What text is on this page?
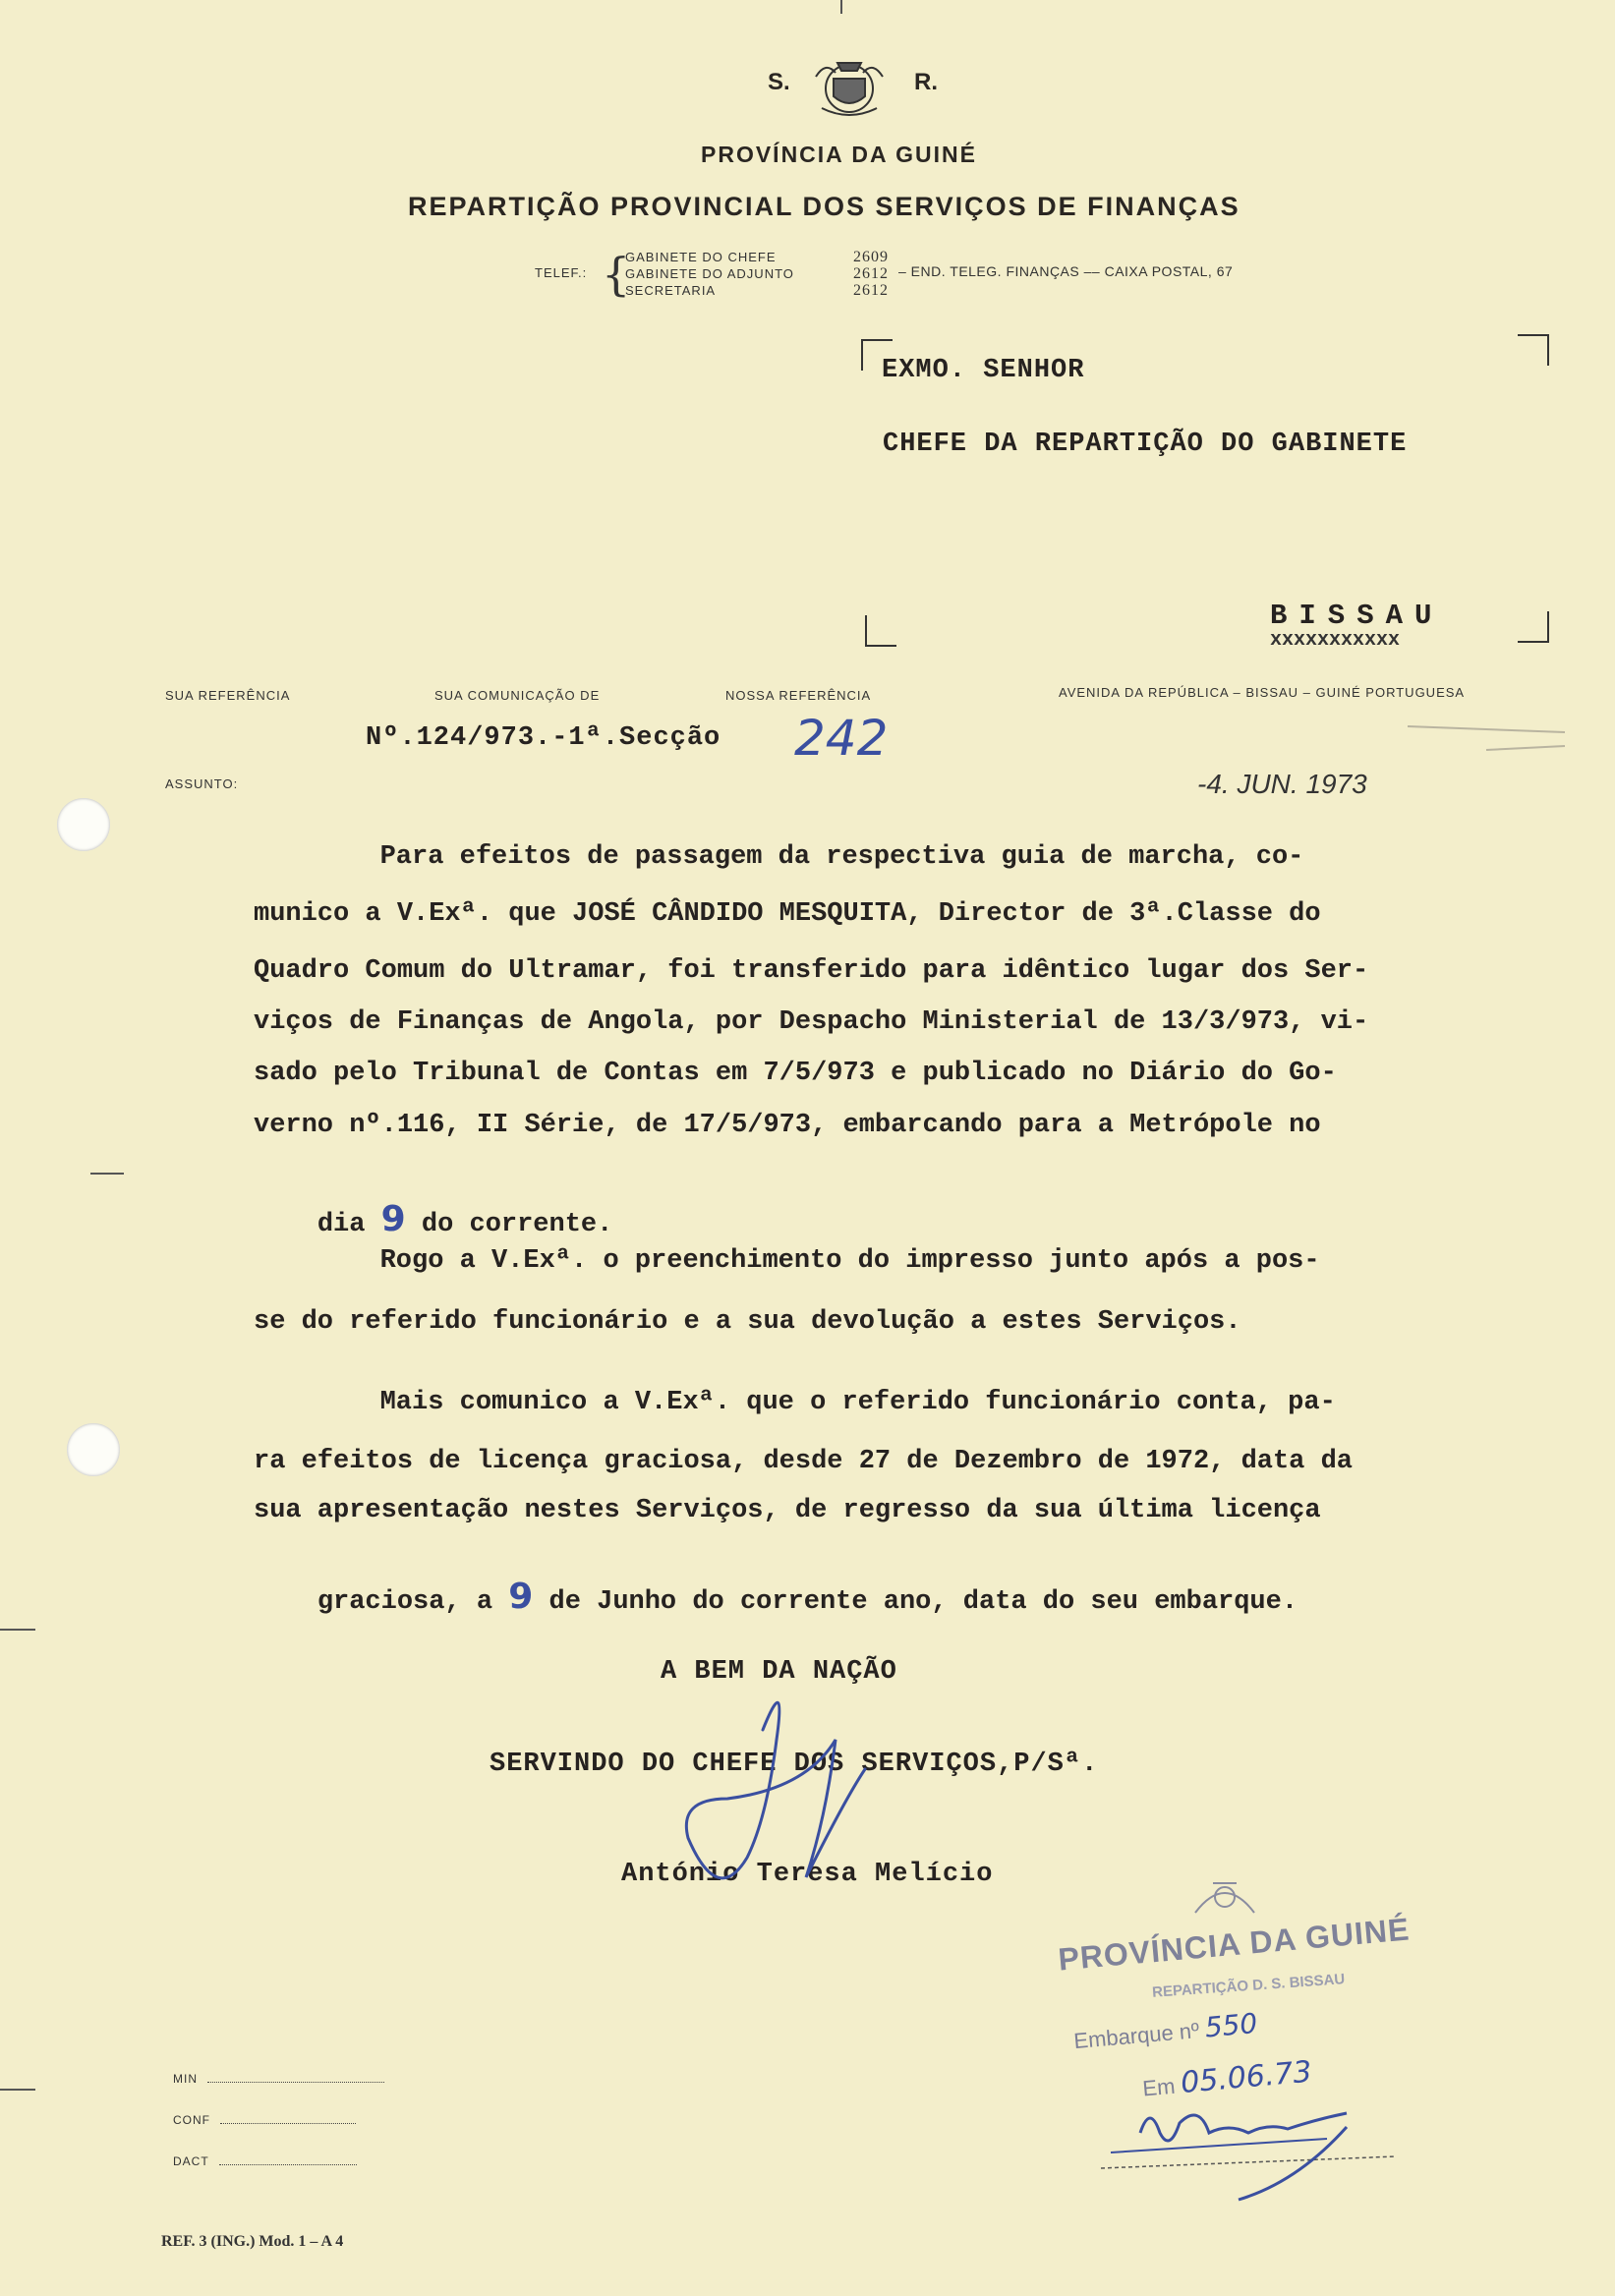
S.	R.
PROVÍNCIA DA GUINÉ
REPARTIÇÃO PROVINCIAL DOS SERVIÇOS DE FINANÇAS
TELEF.: {
GABINETE DO CHEFE	2609
GABINETE DO ADJUNTO	2612
SECRETARIA	2612
– END. TELEG. FINANÇAS –– CAIXA POSTAL, 67
EXMO. SENHOR
CHEFE DA REPARTIÇÃO DO GABINETE
BISSAU
xxxxxxxxxxx
SUA REFERÊNCIA	SUA COMUNICAÇÃO DE	NOSSA REFERÊNCIA	AVENIDA DA REPÚBLICA – BISSAU – GUINÉ PORTUGUESA
Nº.124/973.-1ª.Secção 242
ASSUNTO:	-4. JUN. 1973
Para efeitos de passagem da respectiva guia de marcha, co-
munico a V.Exª. que JOSÉ CÂNDIDO MESQUITA, Director de 3ª.Classe do
Quadro Comum do Ultramar, foi transferido para idêntico lugar dos Ser-
viços de Finanças de Angola, por Despacho Ministerial de 13/3/973, vi-
sado pelo Tribunal de Contas em 7/5/973 e publicado no Diário do Go-
verno nº.116, II Série, de 17/5/973, embarcando para a Metrópole no

dia 9 do corrente.

Rogo a V.Exª. o preenchimento do impresso junto após a pos-
se do referido funcionário e a sua devolução a estes Serviços.
Mais comunico a V.Exª. que o referido funcionário conta, pa-
ra efeitos de licença graciosa, desde 27 de Dezembro de 1972, data da
sua apresentação nestes Serviços, de regresso da sua última licença

graciosa, a 9 de Junho do corrente ano, data do seu embarque.

A BEM DA NAÇÃO
SERVINDO DO CHEFE DOS SERVIÇOS,P/Sª.
António Teresa Melício
PROVÍNCIA DA GUINÉ
REPARTIÇÃO D. S. BISSAU
Embarque nº 550
Em 05.06.73
MIN
CONF
DACT
REF. 3 (ING.) Mod. 1 – A 4
